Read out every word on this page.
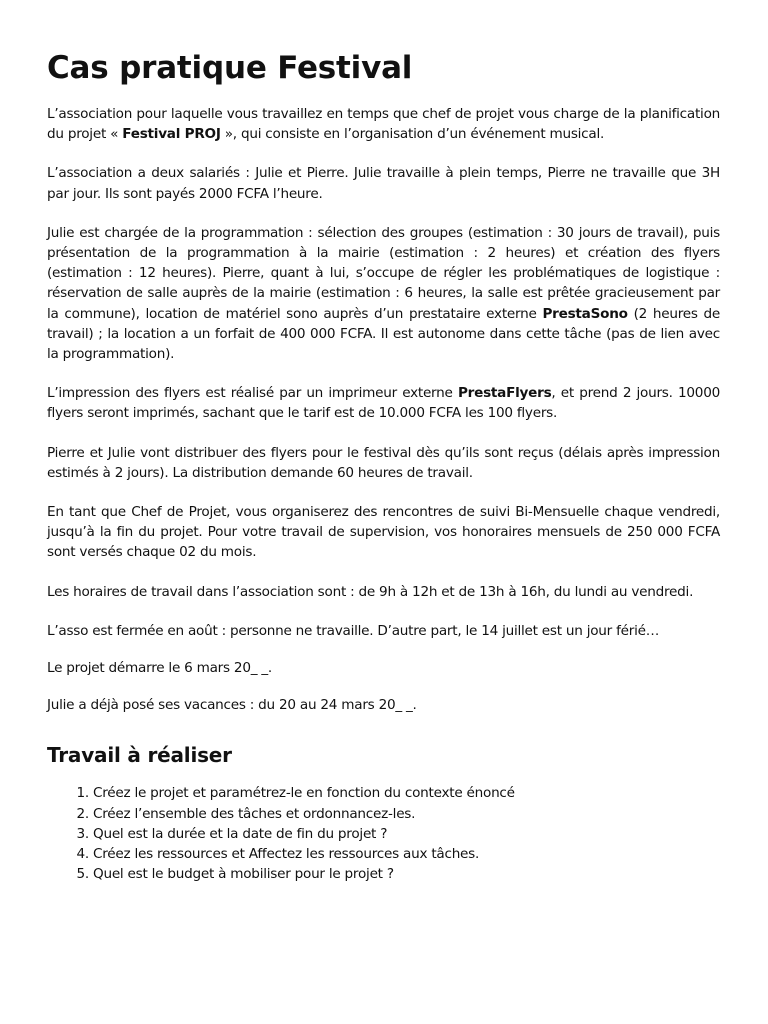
Cas pratique Festival

L’association pour laquelle vous travaillez en temps que chef de projet vous charge de la planification du projet « Festival PROJ », qui consiste en l’organisation d’un événement musical.

L’association a deux salariés : Julie et Pierre. Julie travaille à plein temps, Pierre ne travaille que 3H par jour. Ils sont payés 2000 FCFA l’heure.

Julie est chargée de la programmation : sélection des groupes (estimation : 30 jours de travail), puis présentation de la programmation à la mairie (estimation : 2 heures) et création des flyers (estimation : 12 heures). Pierre, quant à lui, s’occupe de régler les problématiques de logistique : réservation de salle auprès de la mairie (estimation : 6 heures, la salle est prêtée gracieusement par la commune), location de matériel sono auprès d’un prestataire externe PrestaSono (2 heures de travail) ; la location a un forfait de 400 000 FCFA. Il est autonome dans cette tâche (pas de lien avec la programmation).

L’impression des flyers est réalisé par un imprimeur externe PrestaFlyers, et prend 2 jours. 10000 flyers seront imprimés, sachant que le tarif est de 10.000 FCFA les 100 flyers.

Pierre et Julie vont distribuer des flyers pour le festival dès qu’ils sont reçus (délais après impression estimés à 2 jours). La distribution demande 60 heures de travail.

En tant que Chef de Projet, vous organiserez des rencontres de suivi Bi-Mensuelle chaque vendredi, jusqu’à la fin du projet. Pour votre travail de supervision, vos honoraires mensuels de 250 000 FCFA sont versés chaque 02 du mois.

Les horaires de travail dans l’association sont : de 9h à 12h et de 13h à 16h, du lundi au vendredi.

L’asso est fermée en août : personne ne travaille. D’autre part, le 14 juillet est un jour férié…

Le projet démarre le 6 mars 20_ _.

Julie a déjà posé ses vacances : du 20 au 24 mars 20_ _.

Travail à réaliser
1. Créez le projet et paramétrez-le en fonction du contexte énoncé
2. Créez l’ensemble des tâches et ordonnancez-les.
3. Quel est la durée et la date de fin du projet ?
4. Créez les ressources et Affectez les ressources aux tâches.
5. Quel est le budget à mobiliser pour le projet ?
